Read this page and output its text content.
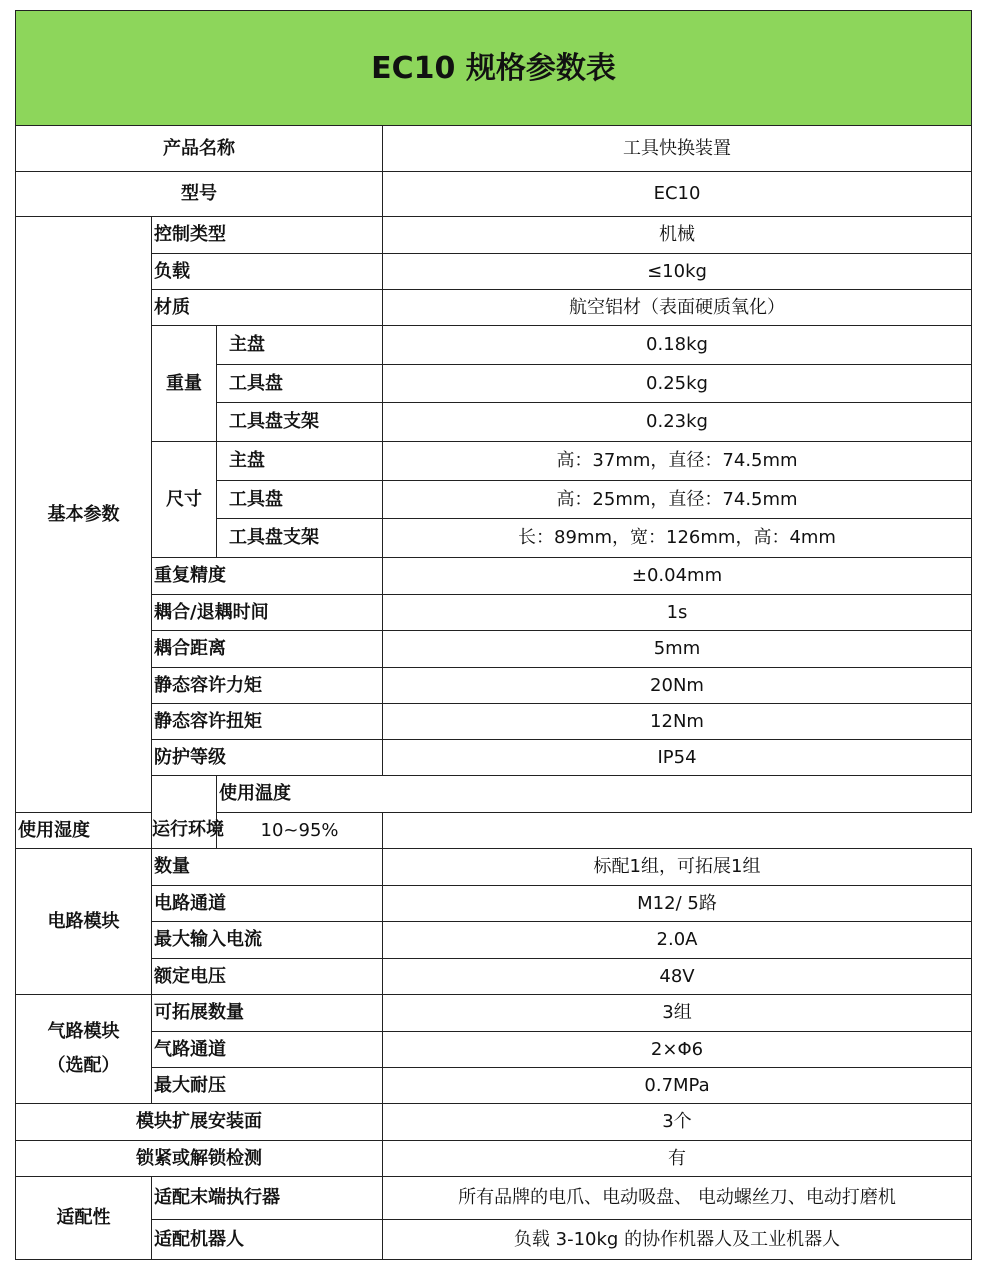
EC10 规格参数表				
产品名称			工具快换装置	
型号			EC10	
基本参数	控制类型		机械	
	负载		≤10kg	
	材质		航空铝材（表面硬质氧化）	
	重量	主盘	0.18kg	
		工具盘	0.25kg	
		工具盘支架	0.23kg	
	尺寸	主盘	高：37mm，直径：74.5mm	
		工具盘	高：25mm，直径：74.5mm	
		工具盘支架	长：89mm，宽：126mm，高：4mm	
	重复精度		±0.04mm	
	耦合/退耦时间		1s	
	耦合距离		5mm	
	静态容许力矩		20Nm	
	静态容许扭矩		12Nm	
	防护等级		IP54	
	运行环境	使用温度	
使用湿度		10~95%		
电路模块	数量		标配1组，可拓展1组	
	电路通道		M12/ 5路	
	最大输入电流		2.0A	
	额定电压		48V	
气路模块
（选配）	可拓展数量		3组	
	气路通道		2×Φ6	
	最大耐压		0.7MPa	
模块扩展安装面			3个	
锁紧或解锁检测			有	
适配性	适配末端执行器		所有品牌的电爪、电动吸盘、 电动螺丝刀、电动打磨机	
	适配机器人		负载 3-10kg 的协作机器人及工业机器人	
